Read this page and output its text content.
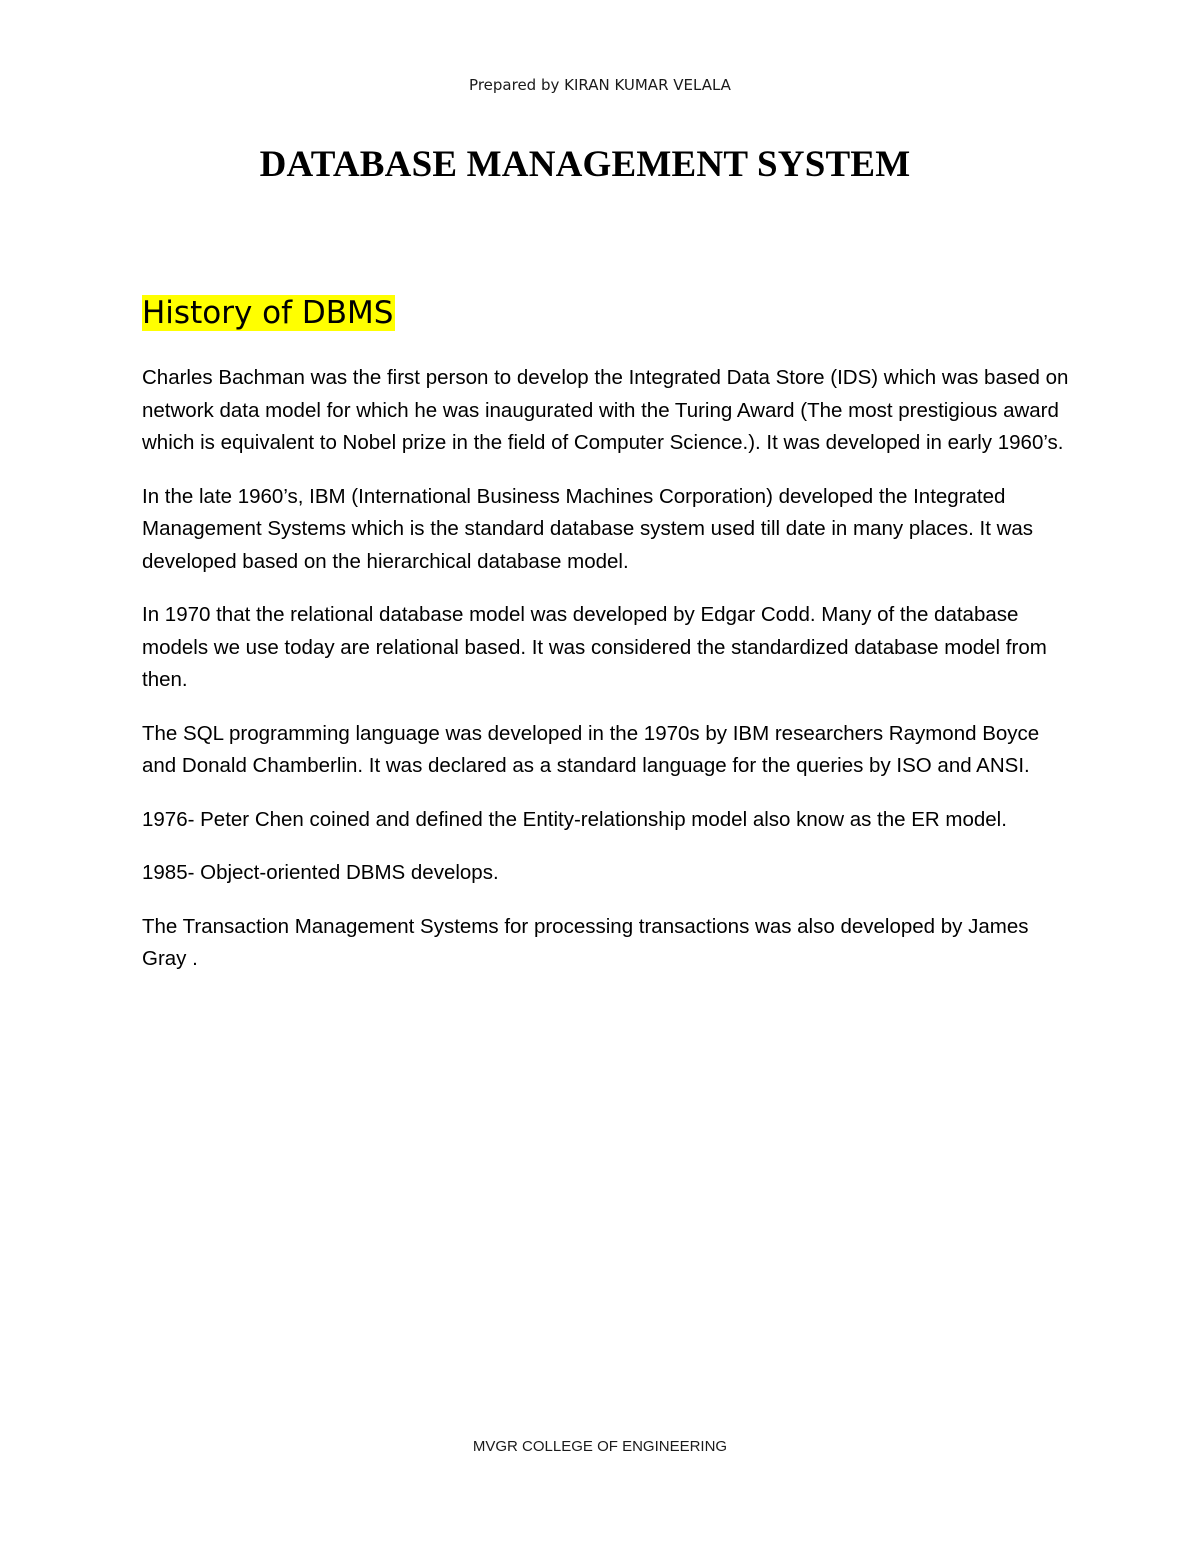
Prepared by KIRAN KUMAR VELALA
DATABASE MANAGEMENT SYSTEM
History of DBMS

Charles Bachman was the first person to develop the Integrated Data Store (IDS) which was based on network data model for which he was inaugurated with the Turing Award (The most prestigious award which is equivalent to Nobel prize in the field of Computer Science.). It was developed in early 1960’s.

In the late 1960’s, IBM (International Business Machines Corporation) developed the Integrated Management Systems which is the standard database system used till date in many places. It was developed based on the hierarchical database model.

In 1970 that the relational database model was developed by Edgar Codd. Many of the database models we use today are relational based. It was considered the standardized database model from then.

The SQL programming language was developed in the 1970s by IBM researchers Raymond Boyce and Donald Chamberlin. It was declared as a standard language for the queries by ISO and ANSI.

1976- Peter Chen coined and defined the Entity-relationship model also know as the ER model.

1985- Object-oriented DBMS develops.

The Transaction Management Systems for processing transactions was also developed by James Gray .

MVGR COLLEGE OF ENGINEERING
